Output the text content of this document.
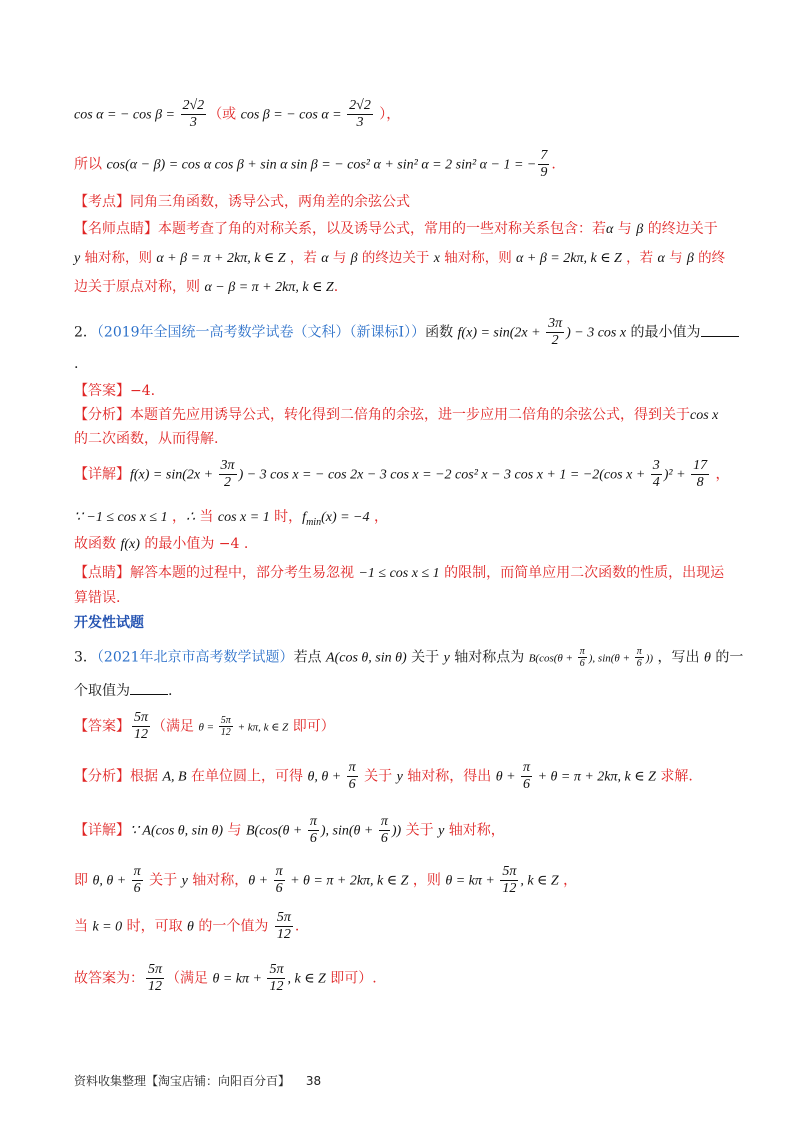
cos α = − $\cos \beta = \frac{2√2}{3}$ （或 cos β = − $\cos \alpha = \frac{2√2}{3}$ ），
所以 cos(α − β) = cos α cos β + sin α sin β = − cos² α + sin² α = 2 sin² α − 1 = − $\frac{7}{9}$ .
【考点】同角三角函数，诱导公式，两角差的余弦公式
【名师点睛】本题考查了角的对称关系，以及诱导公式，常用的一些对称关系包含：若α 与 β 的终边关于
y 轴对称，则 α + β = π + 2kπ, k ∈ Z ，若 α 与 β 的终边关于 x 轴对称，则 α + β = 2kπ, k ∈ Z ，若 α 与 β 的终
边关于原点对称，则 α − β = π + 2kπ, k ∈ Z.
2．（2019年全国统一高考数学试卷（文科）（新课标Ⅰ））函数 $f(x) = \sin(2x + \frac{3\pi}{2}$ ) − 3 cos x 的最小值为
.
【答案】−4.
【分析】本题首先应用诱导公式，转化得到二倍角的余弦，进一步应用二倍角的余弦公式，得到关于cos x
的二次函数，从而得解.
【详解】$f(x) = \sin(2x + \frac{3\pi}{2}$ ) − 3 cos x = − cos 2x − 3 cos x = −2 cos² x − 3 cos x + 1 = −2(cos $x + \frac{3}{4} )^2 + \frac{17}{8}$ ，
∵ −1 ≤ cos x ≤ 1 ，∴ 当 cos x = 1 时，$f_{min}(x) = -4$ ，
故函数 f(x) 的最小值为 −4 .
【点睛】解答本题的过程中，部分考生易忽视 −1 ≤ cos x ≤ 1 的限制，而简单应用二次函数的性质，出现运
算错误.
开发性试题
3．（2021年北京市高考数学试题）若点 A(cos θ, sin θ) 关于 y 轴对称点为 $B(\cos(\theta + \frac{\pi}{6}$ ), $\sin(\theta + \frac{\pi}{6}$ )) ，写出 θ 的一
个取值为	.
【答案】 $\frac{5\pi}{12}$ （满足 $\theta = \frac{5\pi}{12} + k\pi$, k ∈ Z 即可）
【分析】根据 A, B 在单位圆上，可得 θ, $\theta + \frac{\pi}{6}$ 关于 y 轴对称，得出 $\theta + \frac{\pi}{6} + \theta = \pi + 2k\pi$, k ∈ Z 求解.
【详解】∵ A(cos θ, sin θ) 与 $B(\cos(\theta + \frac{\pi}{6}$ ), $\sin(\theta + \frac{\pi}{6}$ )) 关于 y 轴对称，
即 θ, $\theta + \frac{\pi}{6}$ 关于 y 轴对称，$\theta + \frac{\pi}{6} + \theta = \pi + 2k\pi$, k ∈ Z ，则 $\theta = k\pi + \frac{5\pi}{12}$ , k ∈ Z ，
当 k = 0 时，可取 θ 的一个值为 $\frac{5\pi}{12}$ .
故答案为： $\frac{5\pi}{12}$ （满足 $\theta = k\pi + \frac{5\pi}{12}$ , k ∈ Z 即可）.
资料收集整理【淘宝店铺：向阳百分百】 38
